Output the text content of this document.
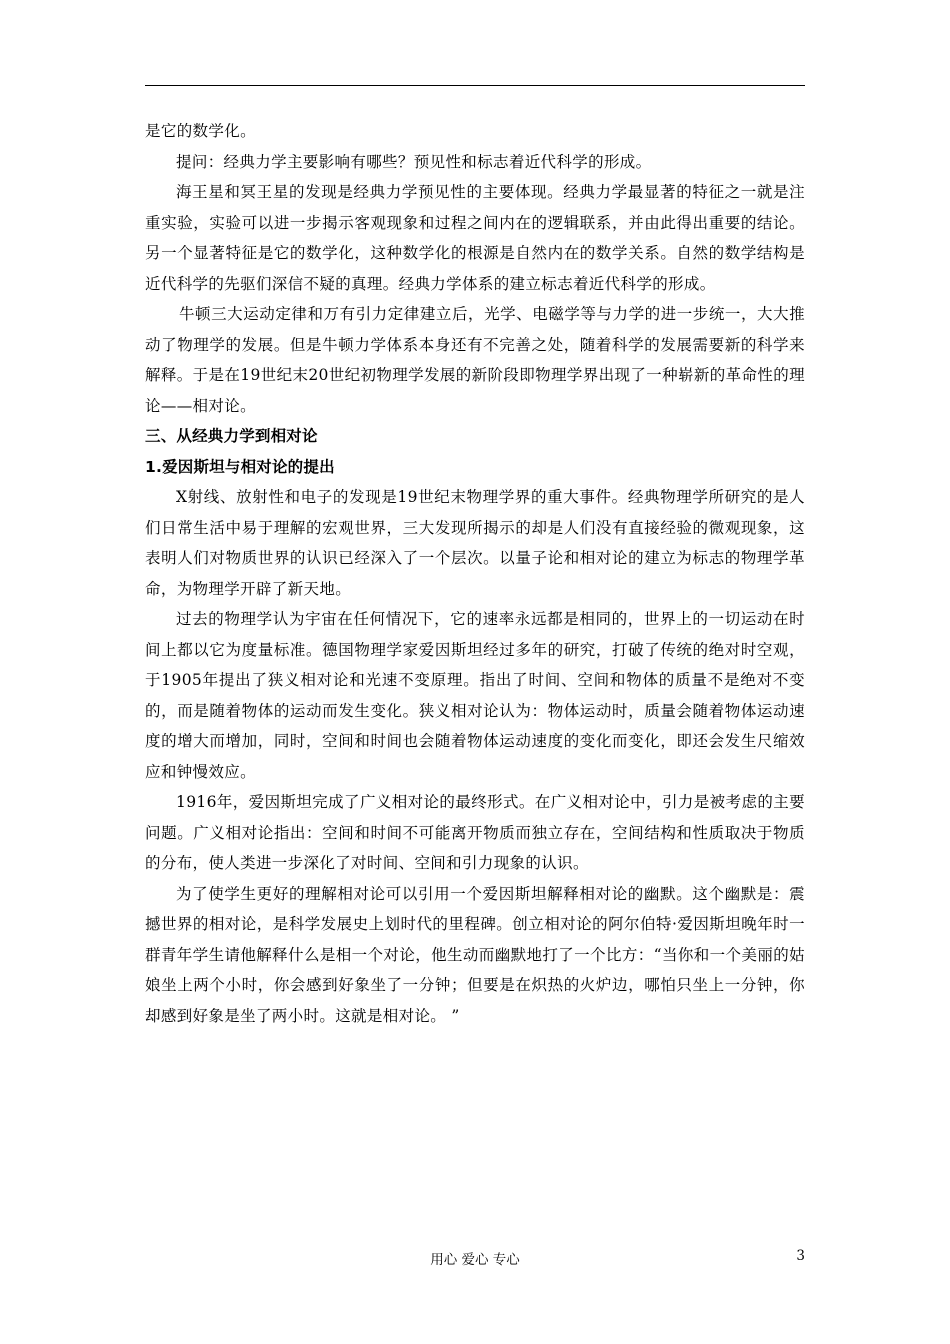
是它的数学化。

提问：经典力学主要影响有哪些？预见性和标志着近代科学的形成。

海王星和冥王星的发现是经典力学预见性的主要体现。经典力学最显著的特征之一就是注重实验，实验可以进一步揭示客观现象和过程之间内在的逻辑联系，并由此得出重要的结论。另一个显著特征是它的数学化，这种数学化的根源是自然内在的数学关系。自然的数学结构是近代科学的先驱们深信不疑的真理。经典力学体系的建立标志着近代科学的形成。

牛顿三大运动定律和万有引力定律建立后，光学、电磁学等与力学的进一步统一，大大推动了物理学的发展。但是牛顿力学体系本身还有不完善之处，随着科学的发展需要新的科学来解释。于是在19世纪末20世纪初物理学发展的新阶段即物理学界出现了一种崭新的革命性的理论——相对论。

三、从经典力学到相对论
1.爱因斯坦与相对论的提出

X射线、放射性和电子的发现是19世纪末物理学界的重大事件。经典物理学所研究的是人们日常生活中易于理解的宏观世界，三大发现所揭示的却是人们没有直接经验的微观现象，这表明人们对物质世界的认识已经深入了一个层次。以量子论和相对论的建立为标志的物理学革命，为物理学开辟了新天地。

过去的物理学认为宇宙在任何情况下，它的速率永远都是相同的，世界上的一切运动在时间上都以它为度量标准。德国物理学家爱因斯坦经过多年的研究，打破了传统的绝对时空观，于1905年提出了狭义相对论和光速不变原理。指出了时间、空间和物体的质量不是绝对不变的，而是随着物体的运动而发生变化。狭义相对论认为：物体运动时，质量会随着物体运动速度的增大而增加，同时，空间和时间也会随着物体运动速度的变化而变化，即还会发生尺缩效应和钟慢效应。

1916年，爱因斯坦完成了广义相对论的最终形式。在广义相对论中，引力是被考虑的主要问题。广义相对论指出：空间和时间不可能离开物质而独立存在，空间结构和性质取决于物质的分布，使人类进一步深化了对时间、空间和引力现象的认识。

为了使学生更好的理解相对论可以引用一个爱因斯坦解释相对论的幽默。这个幽默是：震撼世界的相对论，是科学发展史上划时代的里程碑。创立相对论的阿尔伯特·爱因斯坦晚年时一群青年学生请他解释什么是相一个对论，他生动而幽默地打了一个比方：“当你和一个美丽的姑娘坐上两个小时，你会感到好象坐了一分钟；但要是在炽热的火炉边，哪怕只坐上一分钟，你却感到好象是坐了两小时。这就是相对论。 ”

用心 爱心 专心	3
